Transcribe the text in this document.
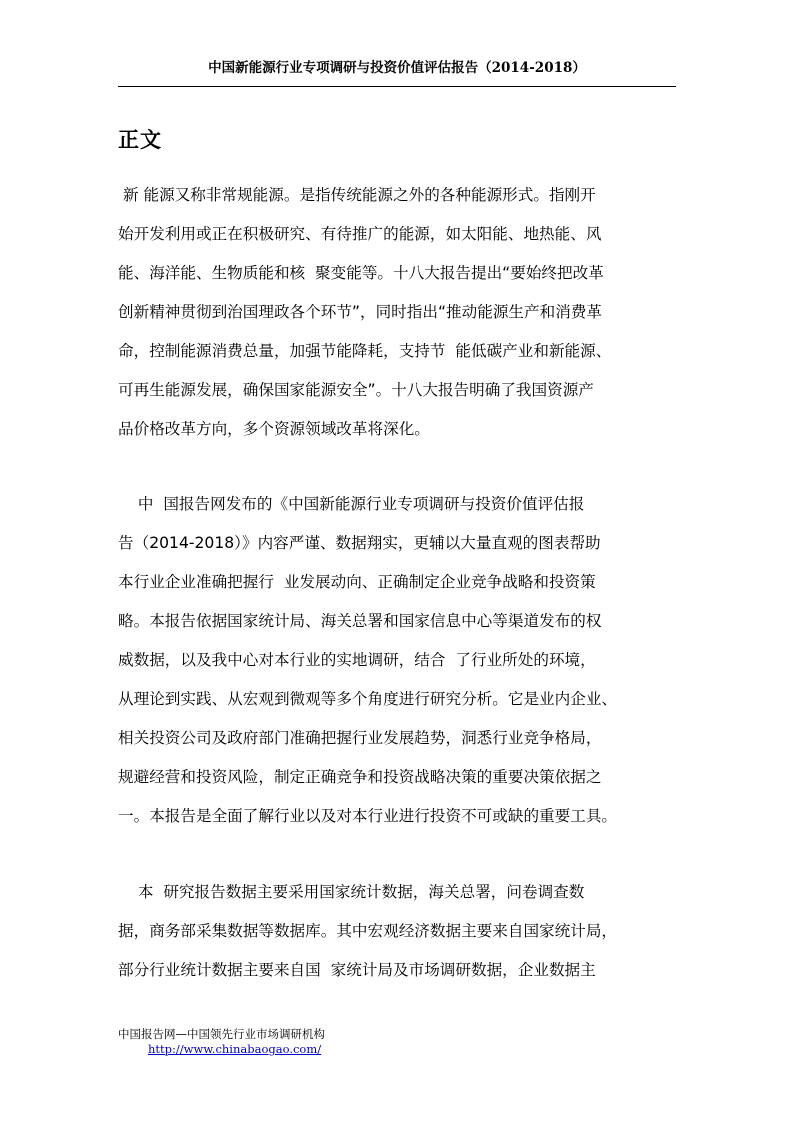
中国新能源行业专项调研与投资价值评估报告（2014-2018）
正文
新 能源又称非常规能源。是指传统能源之外的各种能源形式。指刚开
始开发利用或正在积极研究、有待推广的能源，如太阳能、地热能、风
能、海洋能、生物质能和核  聚变能等。十八大报告提出“要始终把改革
创新精神贯彻到治国理政各个环节”，同时指出“推动能源生产和消费革
命，控制能源消费总量，加强节能降耗，支持节  能低碳产业和新能源、
可再生能源发展，确保国家能源安全”。十八大报告明确了我国资源产
品价格改革方向，多个资源领域改革将深化。
中  国报告网发布的《中国新能源行业专项调研与投资价值评估报
告（2014-2018）》内容严谨、数据翔实，更辅以大量直观的图表帮助
本行业企业准确把握行  业发展动向、正确制定企业竞争战略和投资策
略。本报告依据国家统计局、海关总署和国家信息中心等渠道发布的权
威数据，以及我中心对本行业的实地调研，结合  了行业所处的环境，
从理论到实践、从宏观到微观等多个角度进行研究分析。它是业内企业、
相关投资公司及政府部门准确把握行业发展趋势，洞悉行业竞争格局，
规避经营和投资风险，制定正确竞争和投资战略决策的重要决策依据之
一。本报告是全面了解行业以及对本行业进行投资不可或缺的重要工具。
本  研究报告数据主要采用国家统计数据，海关总署，问卷调查数
据，商务部采集数据等数据库。其中宏观经济数据主要来自国家统计局，
部分行业统计数据主要来自国  家统计局及市场调研数据，企业数据主
中国报告网—中国领先行业市场调研机构
http://www.chinabaogao.com/
